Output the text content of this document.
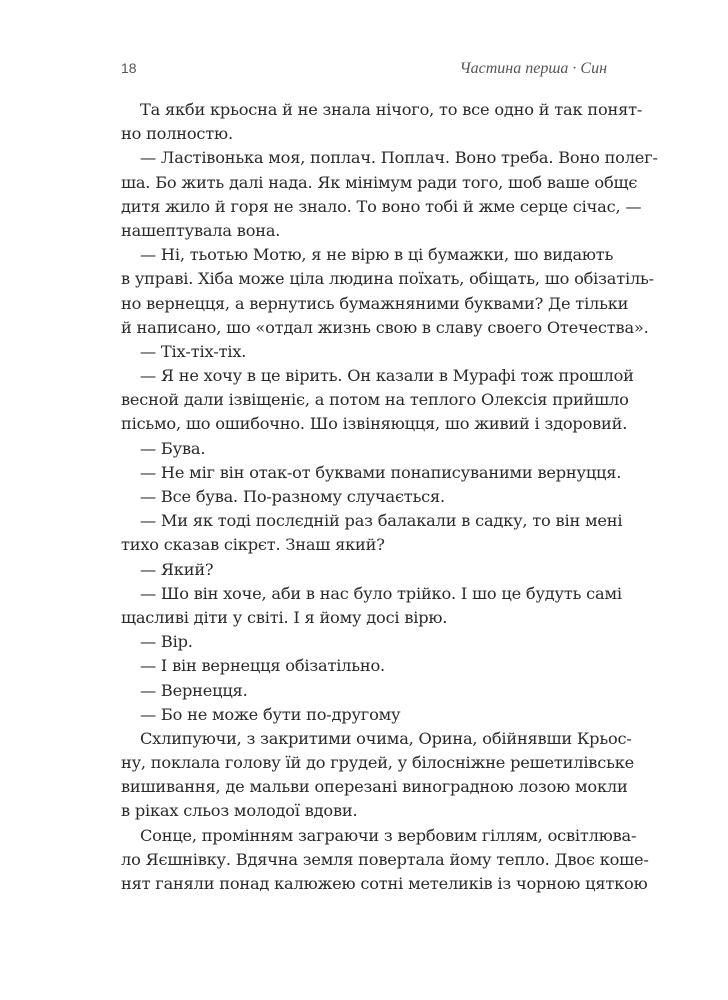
18	Частина перша · Син
Та якби крьосна й не знала нічого, то все одно й так понят-
но полностю.
— Ластівонька моя, поплач. Поплач. Воно треба. Воно полег-
ша. Бо жить далі нада. Як мінімум ради того, шоб ваше общє
дитя жило й горя не знало. То воно тобі й жме серце січас, —
нашептувала вона.
— Ні, тьотью Мотю, я не вірю в ці бумажки, шо видають
в управі. Хіба може ціла людина поїхать, обіщать, шо обізатіль-
но вернецця, а вернутись бумажняними буквами? Де тільки
й написано, шо «отдал жизнь свою в славу своего Отечества».
— Тіх-тіх-тіх.
— Я не хочу в це вірить. Он казали в Мурафі тож прошлой
весной дали ізвіщеніє, а потом на теплого Олексія прийшло
пісьмо, шо ошибочно. Шо ізвіняюцця, шо живий і здоровий.
— Бува.
— Не міг він отак-от буквами понаписуваними вернуцця.
— Все бува. По-разному случається.
— Ми як тоді послєдній раз балакали в садку, то він мені
тихо сказав сікрєт. Знаш який?
— Який?
— Шо він хоче, аби в нас було трійко. І шо це будуть самі
щасливі діти у світі. І я йому досі вірю.
— Вір.
— І він вернецця обізатільно.
— Вернецця.
— Бо не може бути по-другому
Схлипуючи, з закритими очима, Орина, обійнявши Крьос-
ну, поклала голову їй до грудей, у білосніжне решетилівське
вишивання, де мальви оперезані виноградною лозою мокли
в ріках сльоз молодої вдови.
Сонце, промінням заграючи з вербовим гіллям, освітлюва-
ло Яєшнівку. Вдячна земля повертала йому тепло. Двоє коше-
нят ганяли понад калюжею сотні метеликів із чорною цяткою
